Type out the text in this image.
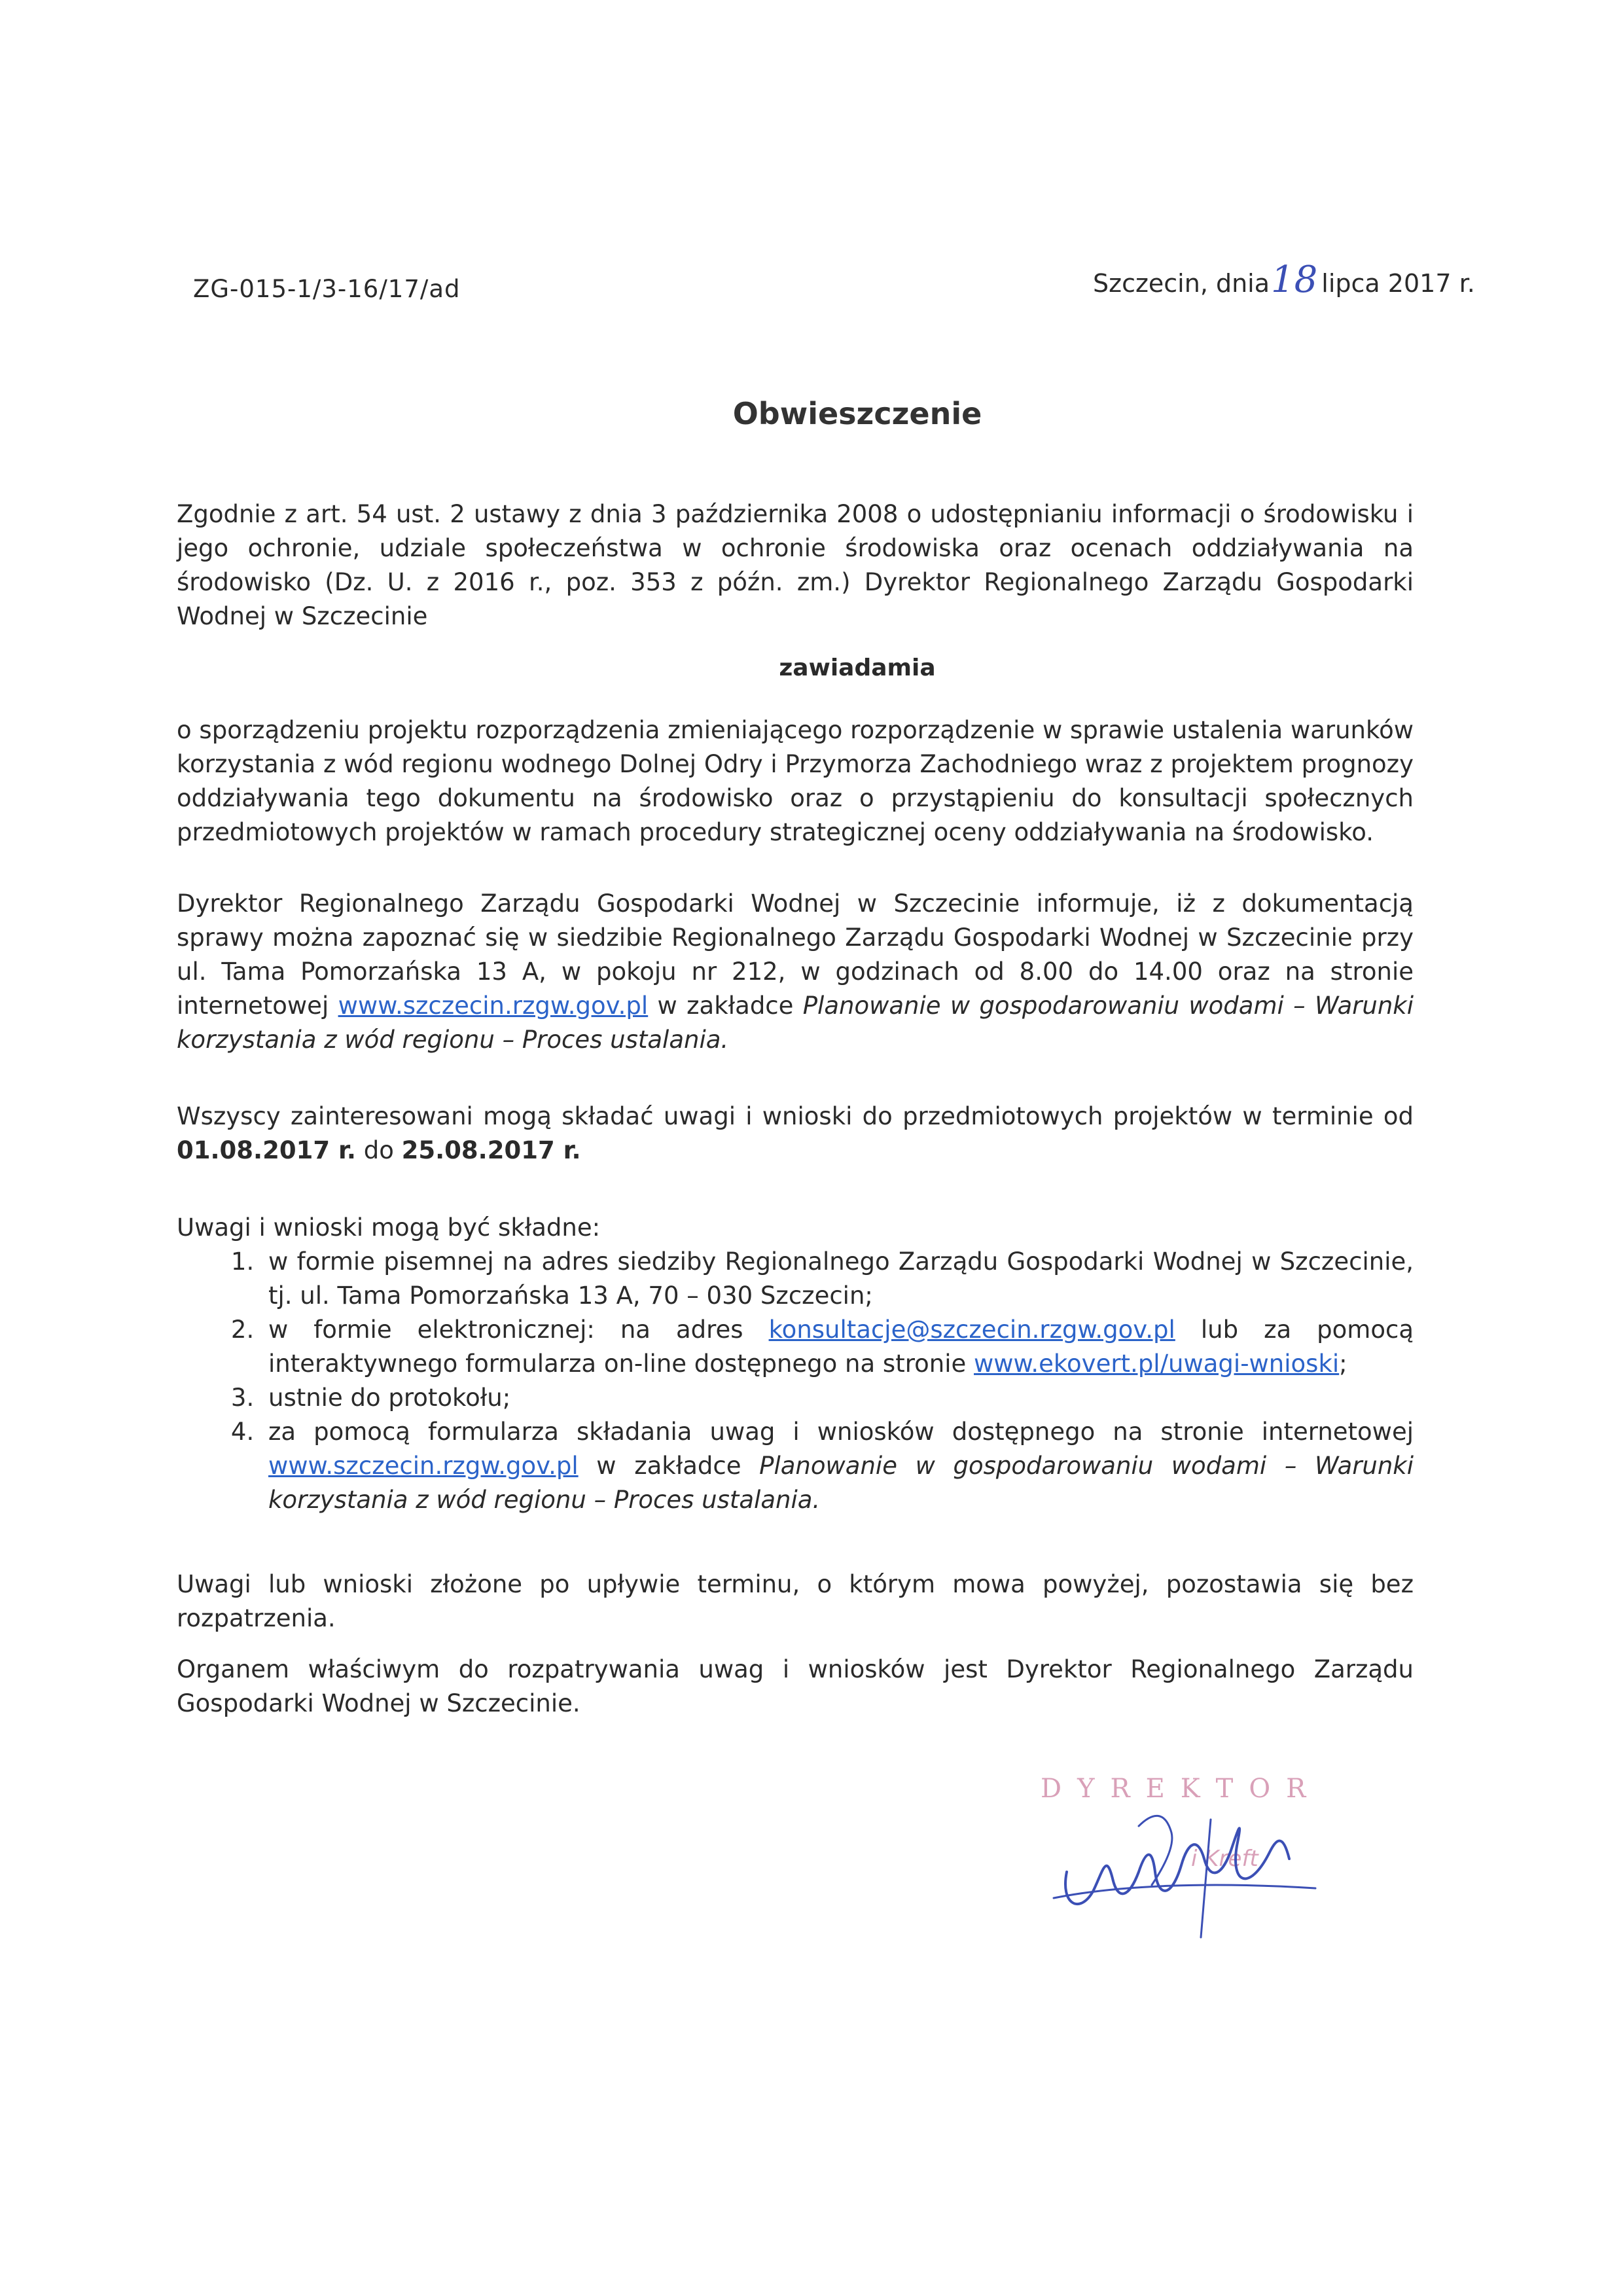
ZG-015-1/3-16/17/ad	Szczecin, dnia18 lipca 2017 r.
Obwieszczenie
Zgodnie z art. 54 ust. 2 ustawy z dnia 3 października 2008 o udostępnianiu informacji o środowisku i jego ochronie, udziale społeczeństwa w ochronie środowiska oraz ocenach oddziaływania na środowisko (Dz. U. z 2016 r., poz. 353 z późn. zm.) Dyrektor Regionalnego Zarządu Gospodarki Wodnej w Szczecinie
zawiadamia
o sporządzeniu projektu rozporządzenia zmieniającego rozporządzenie w sprawie ustalenia warunków korzystania z wód regionu wodnego Dolnej Odry i Przymorza Zachodniego wraz z projektem prognozy oddziaływania tego dokumentu na środowisko oraz o przystąpieniu do konsultacji społecznych przedmiotowych projektów w ramach procedury strategicznej oceny oddziaływania na środowisko.
Dyrektor Regionalnego Zarządu Gospodarki Wodnej w Szczecinie informuje, iż z dokumentacją sprawy można zapoznać się w siedzibie Regionalnego Zarządu Gospodarki Wodnej w Szczecinie przy ul. Tama Pomorzańska 13 A, w pokoju nr 212, w godzinach od 8.00 do 14.00 oraz na stronie internetowej www.szczecin.rzgw.gov.pl w zakładce Planowanie w gospodarowaniu wodami – Warunki korzystania z wód regionu – Proces ustalania.
Wszyscy zainteresowani mogą składać uwagi i wnioski do przedmiotowych projektów w terminie od 01.08.2017 r. do 25.08.2017 r.
Uwagi i wnioski mogą być składne:
1. w formie pisemnej na adres siedziby Regionalnego Zarządu Gospodarki Wodnej w Szczecinie, tj. ul. Tama Pomorzańska 13 A, 70 – 030 Szczecin;
2. w formie elektronicznej: na adres konsultacje@szczecin.rzgw.gov.pl lub za pomocą interaktywnego formularza on-line dostępnego na stronie www.ekovert.pl/uwagi-wnioski;
3. ustnie do protokołu;
4. za pomocą formularza składania uwag i wniosków dostępnego na stronie internetowej www.szczecin.rzgw.gov.pl w zakładce Planowanie w gospodarowaniu wodami – Warunki korzystania z wód regionu – Proces ustalania.
Uwagi lub wnioski złożone po upływie terminu, o którym mowa powyżej, pozostawia się bez rozpatrzenia.
Organem właściwym do rozpatrywania uwag i wniosków jest Dyrektor Regionalnego Zarządu Gospodarki Wodnej w Szczecinie.
DYREKTOR
i Kreft
